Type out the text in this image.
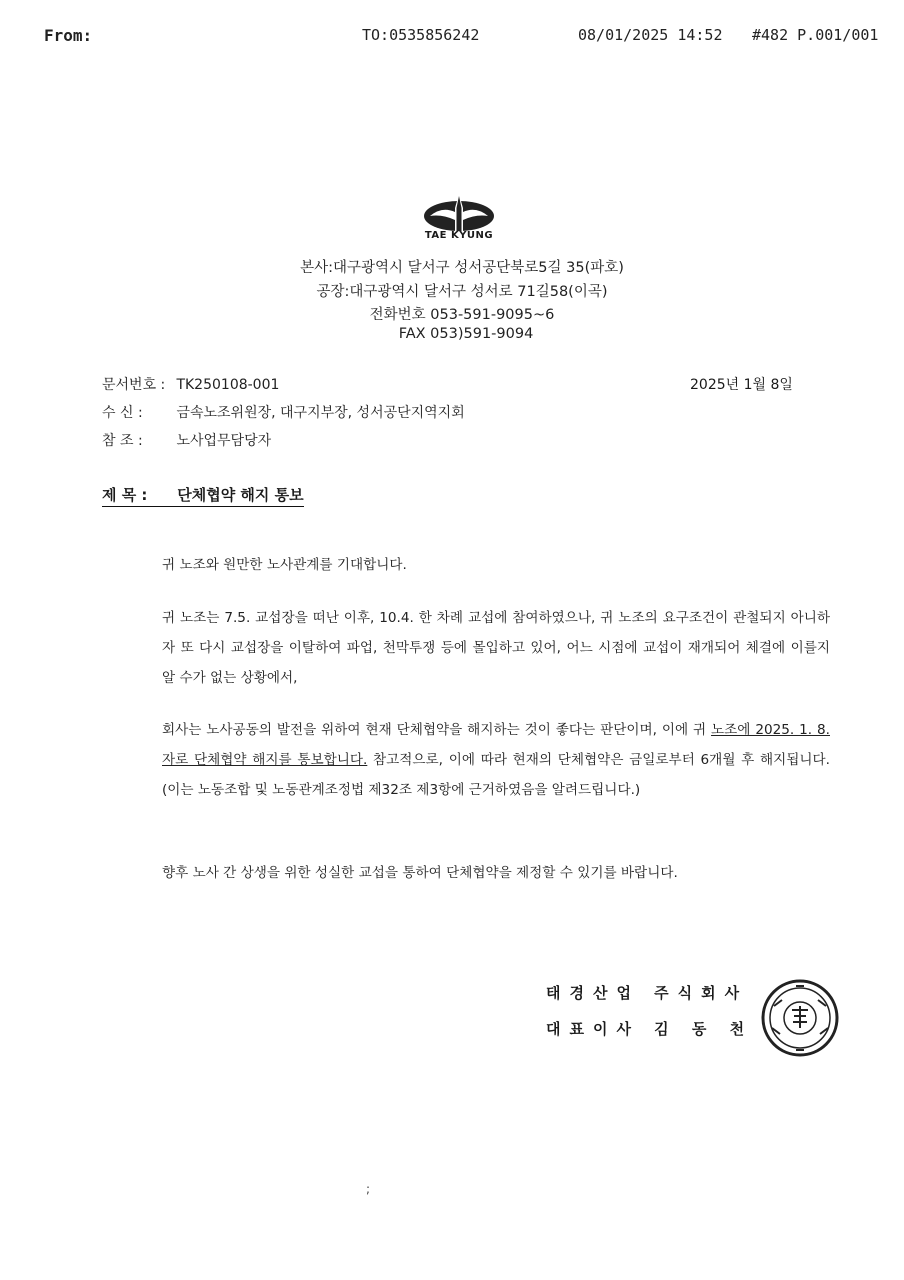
From:	TO:0535856242	08/01/2025 14:52 #482 P.001/001
TAE KYUNG
본사:대구광역시 달서구 성서공단북로5길 35(파호)
공장:대구광역시 달서구 성서로 71길58(이곡)
전화번호 053-591-9095~6
FAX 053)591-9094
문서번호 : TK250108-001	2025년 1월 8일
수 신 : 금속노조위원장, 대구지부장, 성서공단지역지회
참 조 : 노사업무담당자
제 목 : 단체협약 해지 통보
귀 노조와 원만한 노사관계를 기대합니다.
귀 노조는 7.5. 교섭장을 떠난 이후, 10.4. 한 차례 교섭에 참여하였으나, 귀 노조의 요구조건이 관철되지 아니하자 또 다시 교섭장을 이탈하여 파업, 천막투쟁 등에 몰입하고 있어, 어느 시점에 교섭이 재개되어 체결에 이를지 알 수가 없는 상황에서,
회사는 노사공동의 발전을 위하여 현재 단체협약을 해지하는 것이 좋다는 판단이며, 이에 귀 노조에 2025. 1. 8. 자로 단체협약 해지를 통보합니다. 참고적으로, 이에 따라 현재의 단체협약은 금일로부터 6개월 후 해지됩니다.(이는 노동조합 및 노동관계조정법 제32조 제3항에 근거하였음을 알려드립니다.)
향후 노사 간 상생을 위한 성실한 교섭을 통하여 단체협약을 제정할 수 있기를 바랍니다.
태경산업 주식회사
대표이사 김 동 천
;
